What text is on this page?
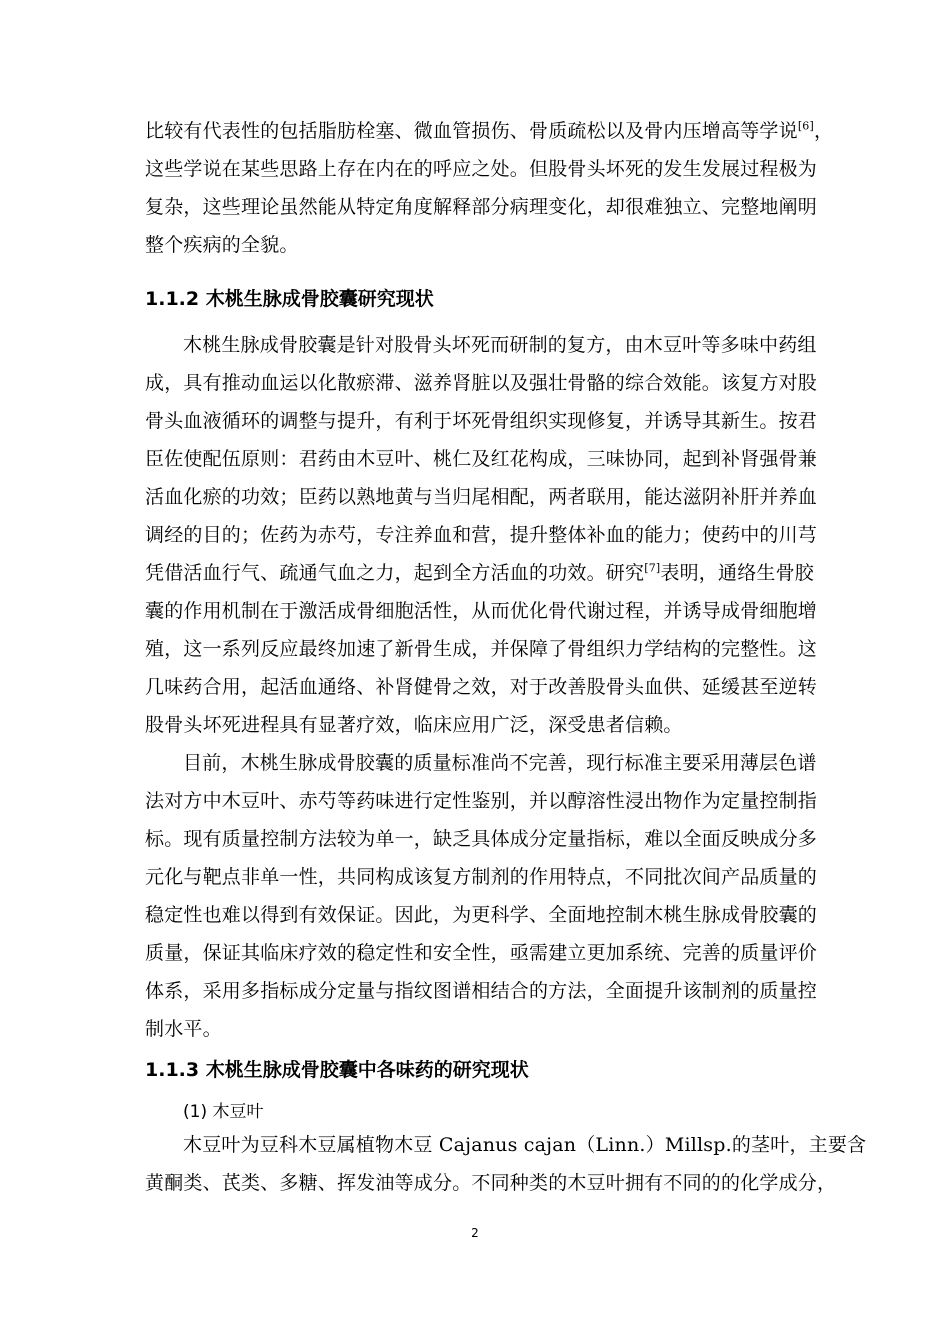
比较有代表性的包括脂肪栓塞、微血管损伤、骨质疏松以及骨内压增高等学说[6]，
这些学说在某些思路上存在内在的呼应之处。但股骨头坏死的发生发展过程极为
复杂，这些理论虽然能从特定角度解释部分病理变化，却很难独立、完整地阐明
整个疾病的全貌。
1.1.2 木桃生脉成骨胶囊研究现状
木桃生脉成骨胶囊是针对股骨头坏死而研制的复方，由木豆叶等多味中药组
成，具有推动血运以化散瘀滞、滋养肾脏以及强壮骨骼的综合效能。该复方对股
骨头血液循环的调整与提升，有利于坏死骨组织实现修复，并诱导其新生。按君
臣佐使配伍原则：君药由木豆叶、桃仁及红花构成，三味协同，起到补肾强骨兼
活血化瘀的功效；臣药以熟地黄与当归尾相配，两者联用，能达滋阴补肝并养血
调经的目的；佐药为赤芍，专注养血和营，提升整体补血的能力；使药中的川芎
凭借活血行气、疏通气血之力，起到全方活血的功效。研究[7]表明，通络生骨胶
囊的作用机制在于激活成骨细胞活性，从而优化骨代谢过程，并诱导成骨细胞增
殖，这一系列反应最终加速了新骨生成，并保障了骨组织力学结构的完整性。这
几味药合用，起活血通络、补肾健骨之效，对于改善股骨头血供、延缓甚至逆转
股骨头坏死进程具有显著疗效，临床应用广泛，深受患者信赖。
目前，木桃生脉成骨胶囊的质量标准尚不完善，现行标准主要采用薄层色谱
法对方中木豆叶、赤芍等药味进行定性鉴别，并以醇溶性浸出物作为定量控制指
标。现有质量控制方法较为单一，缺乏具体成分定量指标，难以全面反映成分多
元化与靶点非单一性，共同构成该复方制剂的作用特点，不同批次间产品质量的
稳定性也难以得到有效保证。因此，为更科学、全面地控制木桃生脉成骨胶囊的
质量，保证其临床疗效的稳定性和安全性，亟需建立更加系统、完善的质量评价
体系，采用多指标成分定量与指纹图谱相结合的方法，全面提升该制剂的质量控
制水平。
1.1.3 木桃生脉成骨胶囊中各味药的研究现状
(1) 木豆叶
木豆叶为豆科木豆属植物木豆 Cajanus cajan（Linn.）Millsp.的茎叶，主要含
黄酮类、芪类、多糖、挥发油等成分。不同种类的木豆叶拥有不同的的化学成分，
2
